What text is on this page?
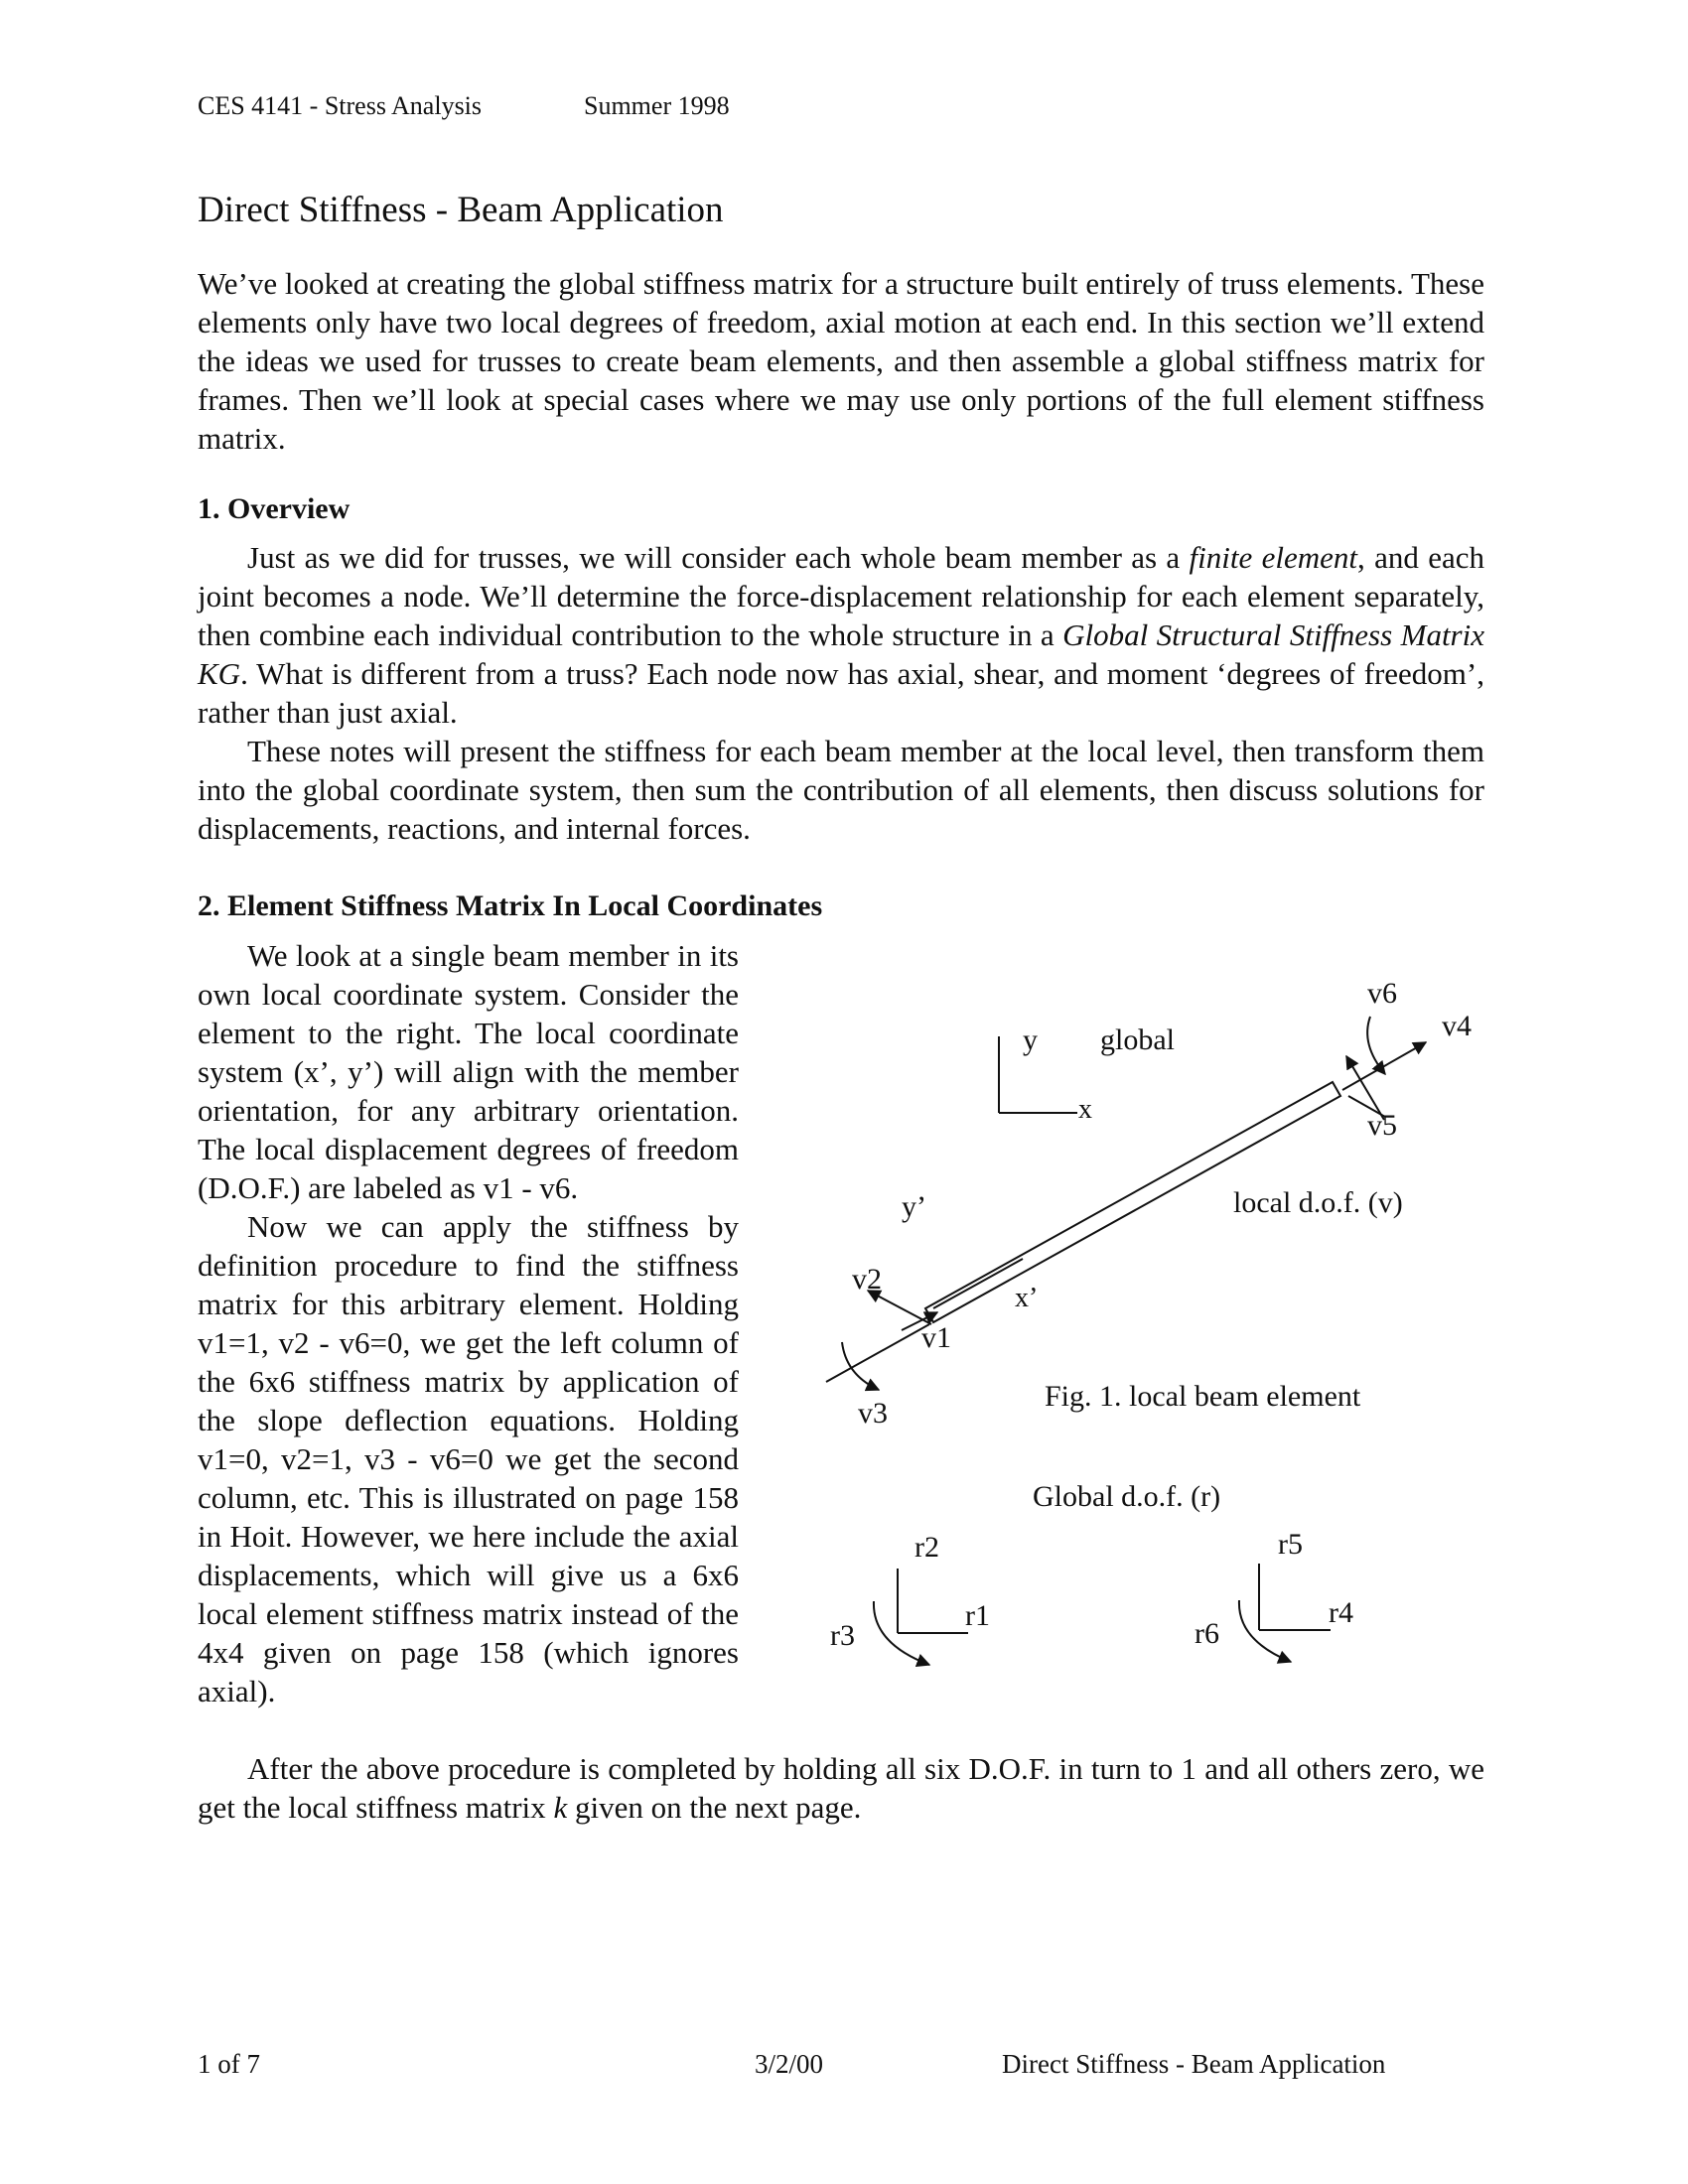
CES 4141 - Stress Analysis	Summer 1998
Direct Stiffness - Beam Application

We’ve looked at creating the global stiffness matrix for a structure built entirely of truss elements. These elements only have two local degrees of freedom, axial motion at each end. In this section we’ll extend the ideas we used for trusses to create beam elements, and then assemble a global stiffness matrix for frames. Then we’ll look at special cases where we may use only portions of the full element stiffness matrix.

1. Overview

Just as we did for trusses, we will consider each whole beam member as a finite element, and each joint becomes a node. We’ll determine the force-displacement relationship for each element separately, then combine each individual contribution to the whole structure in a Global Structural Stiffness Matrix KG. What is different from a truss? Each node now has axial, shear, and moment ‘degrees of freedom’, rather than just axial.

These notes will present the stiffness for each beam member at the local level, then transform them into the global coordinate system, then sum the contribution of all elements, then discuss solutions for displacements, reactions, and internal forces.

2. Element Stiffness Matrix In Local Coordinates

We look at a single beam member in its own local coordinate system. Consider the element to the right. The local coordinate system (x’, y’) will align with the member orientation, for any arbitrary orientation. The local displacement degrees of freedom (D.O.F.) are labeled as v1 - v6.

Now we can apply the stiffness by definition procedure to find the stiffness matrix for this arbitrary element. Holding v1=1, v2 - v6=0, we get the left column of the 6x6 stiffness matrix by application of the slope deflection equations. Holding v1=0, v2=1, v3 - v6=0 we get the second column, etc. This is illustrated on page 158 in Hoit. However, we here include the axial displacements, which will give us a 6x6 local element stiffness matrix instead of the 4x4 given on page 158 (which ignores axial).

After the above procedure is completed by holding all six D.O.F. in turn to 1 and all others zero, we get the local stiffness matrix k given on the next page.

y
x
global
v2
v1
v3
y’
x’
v6
v4
v5
local d.o.f. (v)
Fig. 1. local beam element
Global d.o.f. (r)
r2
r1
r3
r5
r4
r6
1 of 7	3/2/00	Direct Stiffness - Beam Application
